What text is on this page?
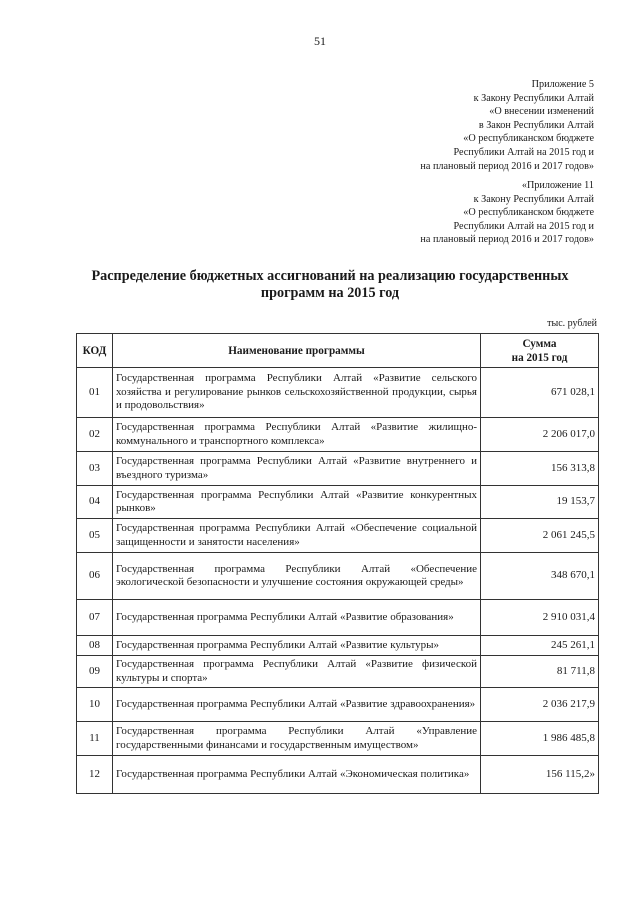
51
Приложение 5
к Закону Республики Алтай
«О внесении изменений
в Закон Республики Алтай
«О республиканском бюджете
Республики Алтай на 2015 год и
на плановый период 2016 и 2017 годов»
«Приложение 11
к Закону Республики Алтай
«О республиканском бюджете
Республики Алтай на 2015 год и
на плановый период 2016 и 2017 годов»
Распределение бюджетных ассигнований на реализацию государственных
программ на 2015 год
тыс. рублей
КОД	Наименование программы	Сумма
на 2015 год

01	Государственная программа Республики Алтай «Развитие сельского хозяйства и регулирование рынков сельскохозяйственной продукции, сырья и продовольствия»	671 028,1
02	Государственная программа Республики Алтай «Развитие жилищно-коммунального и транспортного комплекса»	2 206 017,0
03	Государственная программа Республики Алтай «Развитие внутреннего и въездного туризма»	156 313,8
04	Государственная программа Республики Алтай «Развитие конкурентных рынков»	19 153,7
05	Государственная программа Республики Алтай «Обеспечение социальной защищенности и занятости населения»	2 061 245,5
06	Государственная программа Республики Алтай «Обеспечение экологической безопасности и улучшение состояния окружающей среды»	348 670,1
07	Государственная программа Республики Алтай «Развитие образования»	2 910 031,4
08	Государственная программа Республики Алтай «Развитие культуры»	245 261,1
09	Государственная программа Республики Алтай «Развитие физической культуры и спорта»	81 711,8
10	Государственная программа Республики Алтай «Развитие здравоохранения»	2 036 217,9
11	Государственная программа Республики Алтай «Управление государственными финансами и государственным имуществом»	1 986 485,8
12	Государственная программа Республики Алтай «Экономическая политика»	156 115,2»
